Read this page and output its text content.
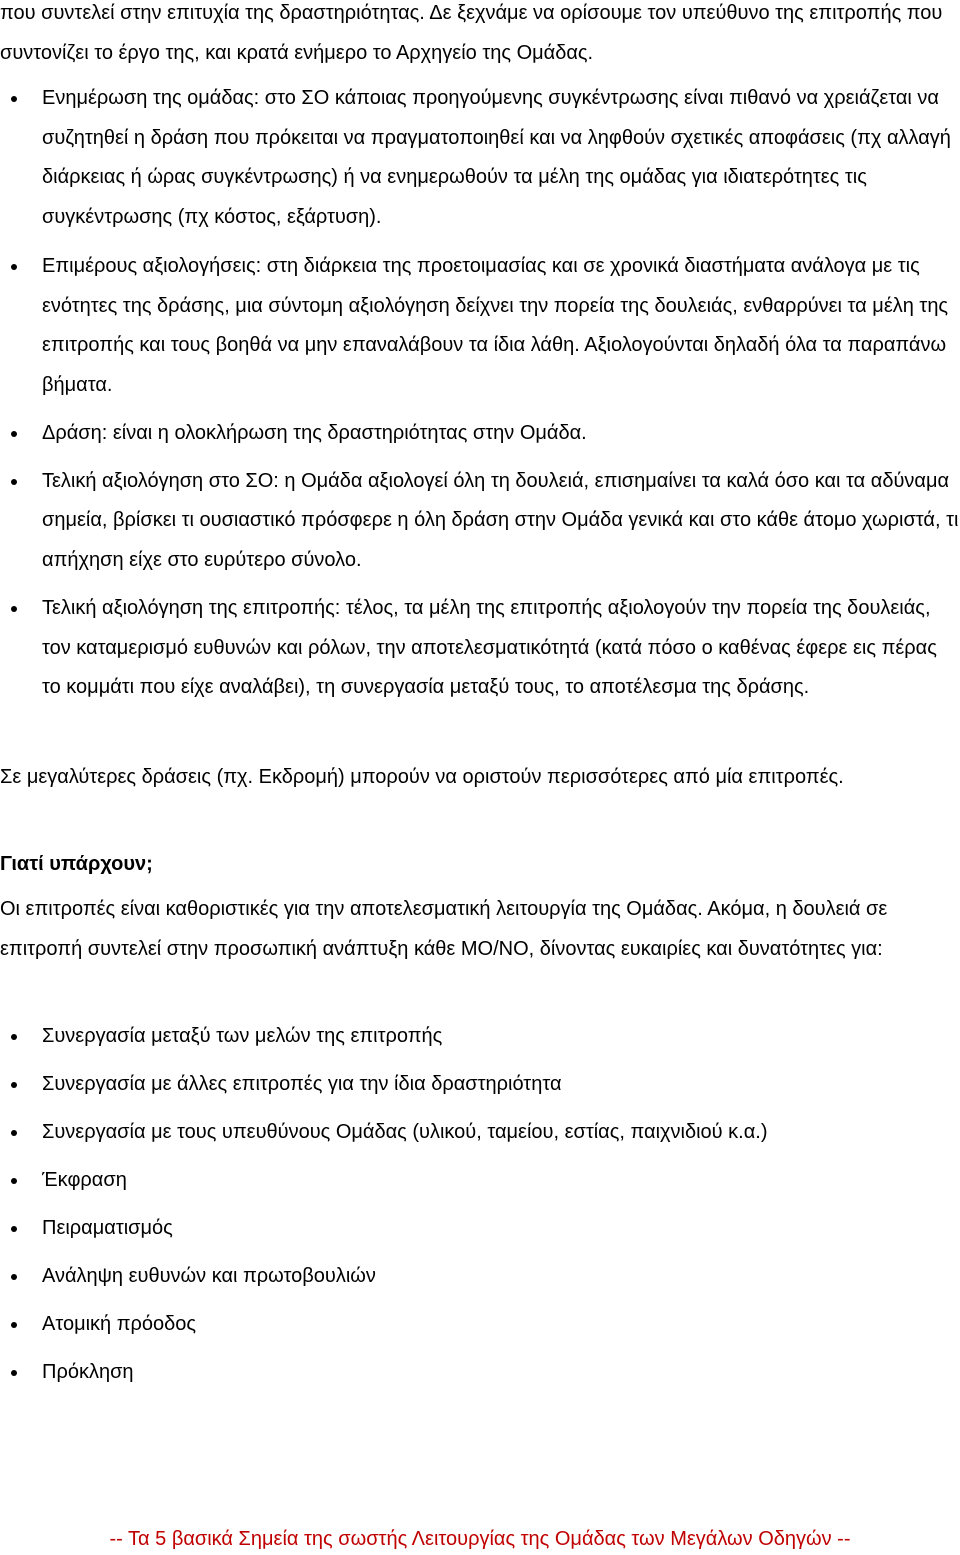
που συντελεί στην επιτυχία της δραστηριότητας. Δε ξεχνάμε να ορίσουμε τον υπεύθυνο της επιτροπής που συντονίζει το έργο της, και κρατά ενήμερο το Αρχηγείο της Ομάδας.

Ενημέρωση της ομάδας: στο ΣΟ κάποιας προηγούμενης συγκέντρωσης είναι πιθανό να χρειάζεται να συζητηθεί η δράση που πρόκειται να πραγματοποιηθεί και να ληφθούν σχετικές αποφάσεις (πχ αλλαγή διάρκειας ή ώρας συγκέντρωσης) ή να ενημερωθούν τα μέλη της ομάδας για ιδιατερότητες τις συγκέντρωσης (πχ κόστος, εξάρτυση).
Επιμέρους αξιολογήσεις: στη διάρκεια της προετοιμασίας και σε χρονικά διαστήματα ανάλογα με τις ενότητες της δράσης, μια σύντομη αξιολόγηση δείχνει την πορεία της δουλειάς, ενθαρρύνει τα μέλη της επιτροπής και τους βοηθά να μην επαναλάβουν τα ίδια λάθη. Αξιολογούνται δηλαδή όλα τα παραπάνω βήματα.
Δράση: είναι η ολοκλήρωση της δραστηριότητας στην Ομάδα.
Τελική αξιολόγηση στο ΣΟ: η Ομάδα αξιολογεί όλη τη δουλειά, επισημαίνει τα καλά όσο και τα αδύναμα σημεία, βρίσκει τι ουσιαστικό πρόσφερε η όλη δράση στην Ομάδα γενικά και στο κάθε άτομο χωριστά, τι απήχηση είχε στο ευρύτερο σύνολο.
Τελική αξιολόγηση της επιτροπής: τέλος, τα μέλη της επιτροπής αξιολογούν την πορεία της δουλειάς, τον καταμερισμό ευθυνών και ρόλων, την αποτελεσματικότητά (κατά πόσο ο καθένας έφερε εις πέρας το κομμάτι που είχε αναλάβει), τη συνεργασία μεταξύ τους, το αποτέλεσμα της δράσης.

Σε μεγαλύτερες δράσεις (πχ. Εκδρομή) μπορούν να οριστούν περισσότερες από μία επιτροπές.

Γιατί υπάρχουν;

Οι επιτροπές είναι καθοριστικές για την αποτελεσματική λειτουργία της Ομάδας. Ακόμα, η δουλειά σε επιτροπή συντελεί στην προσωπική ανάπτυξη κάθε ΜΟ/ΝΟ, δίνοντας ευκαιρίες και δυνατότητες για:

Συνεργασία μεταξύ των μελών της επιτροπής
Συνεργασία με άλλες επιτροπές για την ίδια δραστηριότητα
Συνεργασία με τους υπευθύνους Ομάδας (υλικού, ταμείου, εστίας, παιχνιδιού κ.α.)
Έκφραση
Πειραματισμός
Ανάληψη ευθυνών και πρωτοβουλιών
Ατομική πρόοδος
Πρόκληση
-- Τα 5 βασικά Σημεία της σωστής Λειτουργίας της Ομάδας των Μεγάλων Οδηγών --
